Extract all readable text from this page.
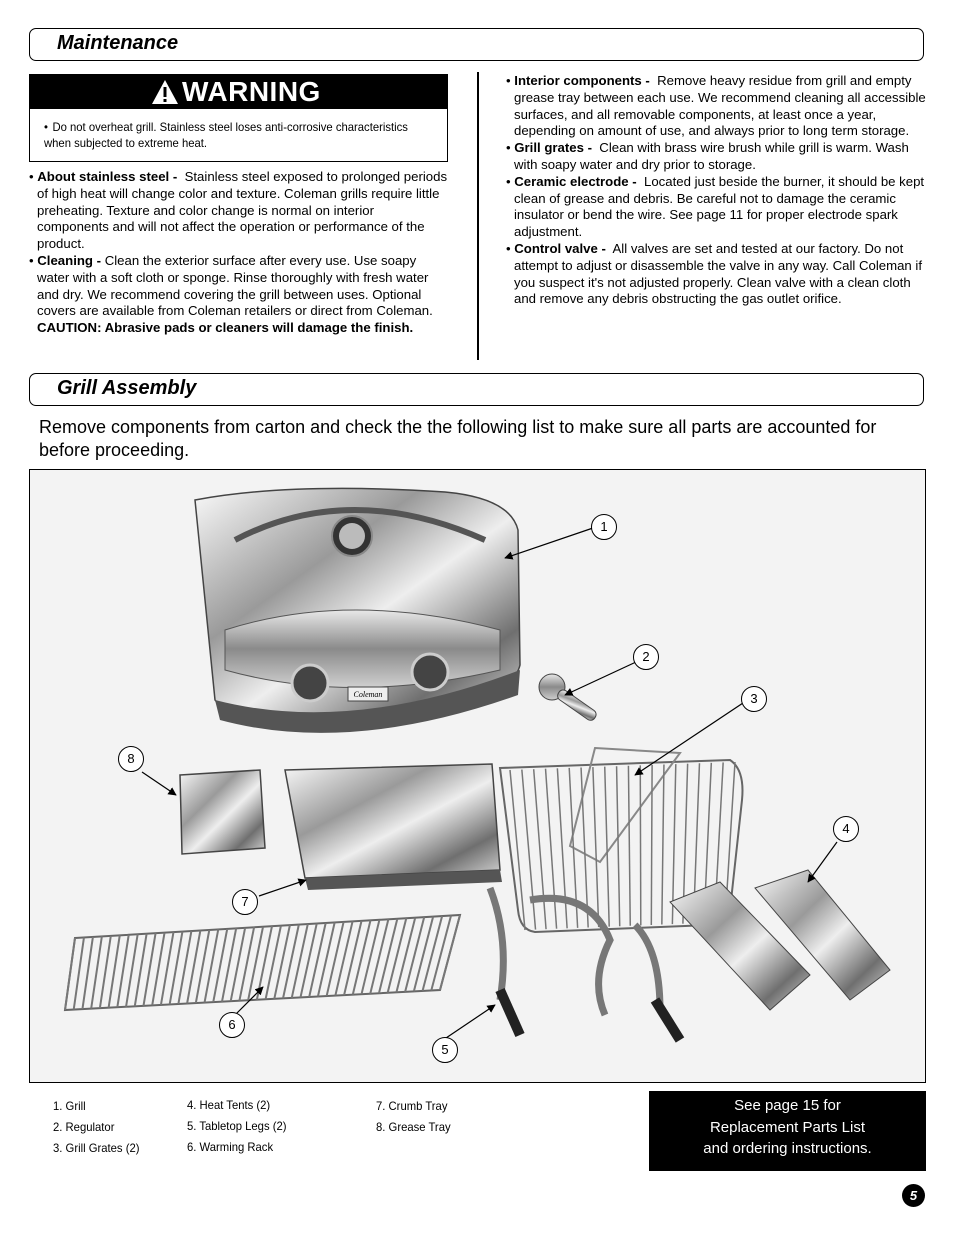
Maintenance
WARNING
• Do not overheat grill. Stainless steel loses anti-corrosive characteristics when subjected to extreme heat.

• About stainless steel - Stainless steel exposed to prolonged periods of high heat will change color and texture. Coleman grills require little preheating. Texture and color change is normal on interior components and will not affect the operation or performance of the product.

• Cleaning - Clean the exterior surface after every use. Use soapy water with a soft cloth or sponge. Rinse thoroughly with fresh water and dry. We recommend covering the grill between uses. Optional covers are available from Coleman retailers or direct from Coleman.

CAUTION: Abrasive pads or cleaners will damage the finish.

• Interior components - Remove heavy residue from grill and empty grease tray between each use. We recommend cleaning all accessible surfaces, and all removable components, at least once a year, depending on amount of use, and always prior to long term storage.

• Grill grates - Clean with brass wire brush while grill is warm. Wash with soapy water and dry prior to storage.

• Ceramic electrode - Located just beside the burner, it should be kept clean of grease and debris. Be careful not to damage the ceramic insulator or bend the wire. See page 11 for proper electrode spark adjustment.

• Control valve - All valves are set and tested at our factory. Do not attempt to adjust or disassemble the valve in any way. Call Coleman if you suspect it's not adjusted properly. Clean valve with a clean cloth and remove any debris obstructing the gas outlet orifice.

Grill Assembly
Remove components from carton and check the the following list to make sure all parts are accounted for before proceeding.
Coleman
1
2
3
4
5
6
7
8
1. Grill
2. Regulator
3. Grill Grates (2)
4. Heat Tents (2)
5. Tabletop Legs (2)
6. Warming Rack
7. Crumb Tray
8. Grease Tray
See page 15 for
Replacement Parts List
and ordering instructions.
5
